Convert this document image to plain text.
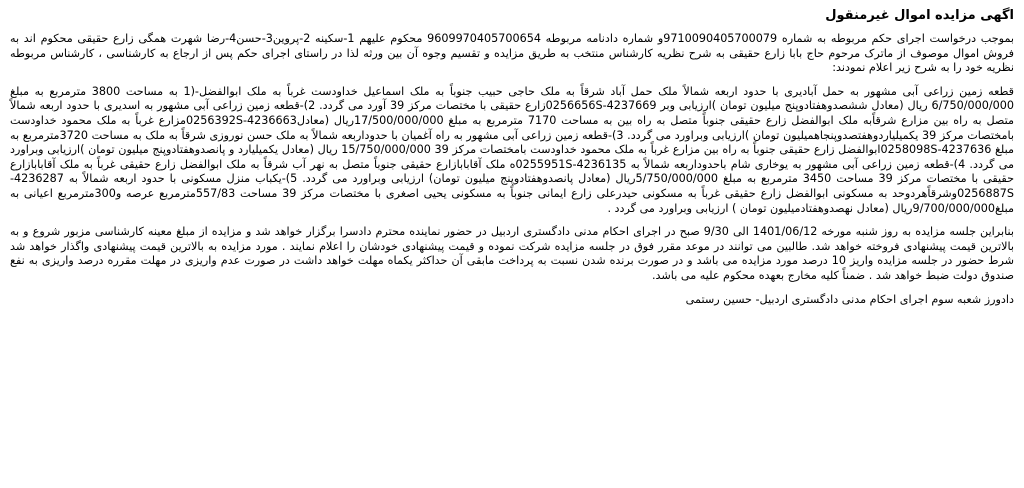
اگهی مزایده اموال غیرمنقول

بموجب درخواست اجرای حکم مربوطه به شماره 9710090405700079و شماره دادنامه مربوطه 9609970405700654 محکوم علیهم 1-سکینه 2-پروین3-حسن4-رضا شهرت همگی زارع حقیقی محکوم اند به فروش اموال موصوف از ماترک مرحوم حاج بابا زارع حقیقی به شرح نظریه کارشناس منتخب به طریق مزایده و تقسیم وجوه آن بین ورثه لذا در راستای اجرای حکم پس از ارجاع به کارشناسی ، کارشناس مربوطه نظریه خود را به شرح زیر اعلام نمودند:

قطعه زمین زراعی آبی مشهور به حمل آبادیری با حدود اربعه شمالاً ملک حمل آباد شرقاً به ملک حاجی حبیب جنوباً به ملک اسماعیل خداودست غرباً به ملک ابوالفضل-(1 به مساحت 3800 مترمربع به مبلغ 6/750/000/000 ریال (معادل ششصدوهفتادوپنج میلیون تومان )ارزیابی وبر 4237669-0256656Sزارع حقیقی با مختصات مرکز 39 آورد می گردد. 2)-قطعه زمین زراعی آبی مشهور به اسدیری با حدود اربعه شمالاً متصل به راه بین مزارع شرقاًبه ملک ابوالفضل زارع حقیقی جنوباً متصل به راه بین به مساحت 7170 مترمربع به مبلغ 17/500/000/000ریال (معادل4236663-0256392Sمزارع غرباً به ملک محمود خداودست بامختصات مرکز 39 یکمیلیاردوهفتصدوپنجاهمیلیون تومان )ارزیابی وبراورد می گردد. 3)-قطعه زمین زراعی آبی مشهور به راه آغمیان با حدوداربعه شمالاً به ملک حسن نوروزی شرقاً به ملک به مساحت 3720مترمربع به مبلغ 4237636-0258098Sابوالفضل زارع حقیقی جنوباً به راه بین مزارع غرباً به ملک محمود خداودست بامختصات مرکز 39 15/750/000/000 ریال (معادل یکمیلیارد و پانصدوهفتادوپنج میلیون تومان )ارزیابی وبراورد می گردد. 4)-قطعه زمین زراعی آبی مشهور به یوخاری شام باحدوداربعه شمالاً به 4236135-0255951Sه ملک آقابابازارع حقیقی جنوباً متصل به نهر آب شرقاً به ملک ابوالفضل زارع حقیقی غرباً به ملک آقابابازارع حقیقی با مختصات مرکز 39 مساحت 3450 مترمربع به مبلغ 5/750/000/000ریال (معادل پانصدوهفتادوپنج میلیون تومان) ارزیابی وبراورد می گردد. 5)-یکباب منزل مسکونی با حدود اربعه شمالاً به 4236287-0256887Sوشرقاًهردوحد به مسکونی ابوالفضل زارع حقیقی غرباً به مسکونی حیدرعلی زارع ایمانی جنوباً به مسکونی یحیی اصغری با مختصات مرکز 39 مساحت 557/83مترمربع عرصه و300مترمربع اعیانی به مبلغ9/700/000/000ریال (معادل نهصدوهفتادمیلیون تومان ) ارزیابی وبراورد می گردد .

بنابراین جلسه مزایده به روز شنبه مورخه 1401/06/12 الی 9/30 صبح در اجرای احکام مدنی دادگستری اردبیل در حضور نماینده محترم دادسرا برگزار خواهد شد و مزایده از مبلغ معینه کارشناسی مزبور شروع و به بالاترین قیمت پیشنهادی فروخته خواهد شد. طالبین می توانند در موعد مقرر فوق در جلسه مزایده شرکت نموده و قیمت پیشنهادی خودشان را اعلام نمایند . مورد مزایده به بالاترین قیمت پیشنهادی واگذار خواهد شد شرط حضور در جلسه مزایده واریز 10 درصد مورد مزایده می باشد و در صورت برنده شدن نسبت به پرداخت مابقی آن حداکثر یکماه مهلت خواهد داشت در صورت عدم واریزی در مهلت مقرره درصد واریزی به نفع صندوق دولت ضبط خواهد شد . ضمناً کلیه مخارج بعهده محکوم علیه می باشد.

دادورز شعبه سوم اجرای احکام مدنی دادگستری اردبیل- حسین رستمی
